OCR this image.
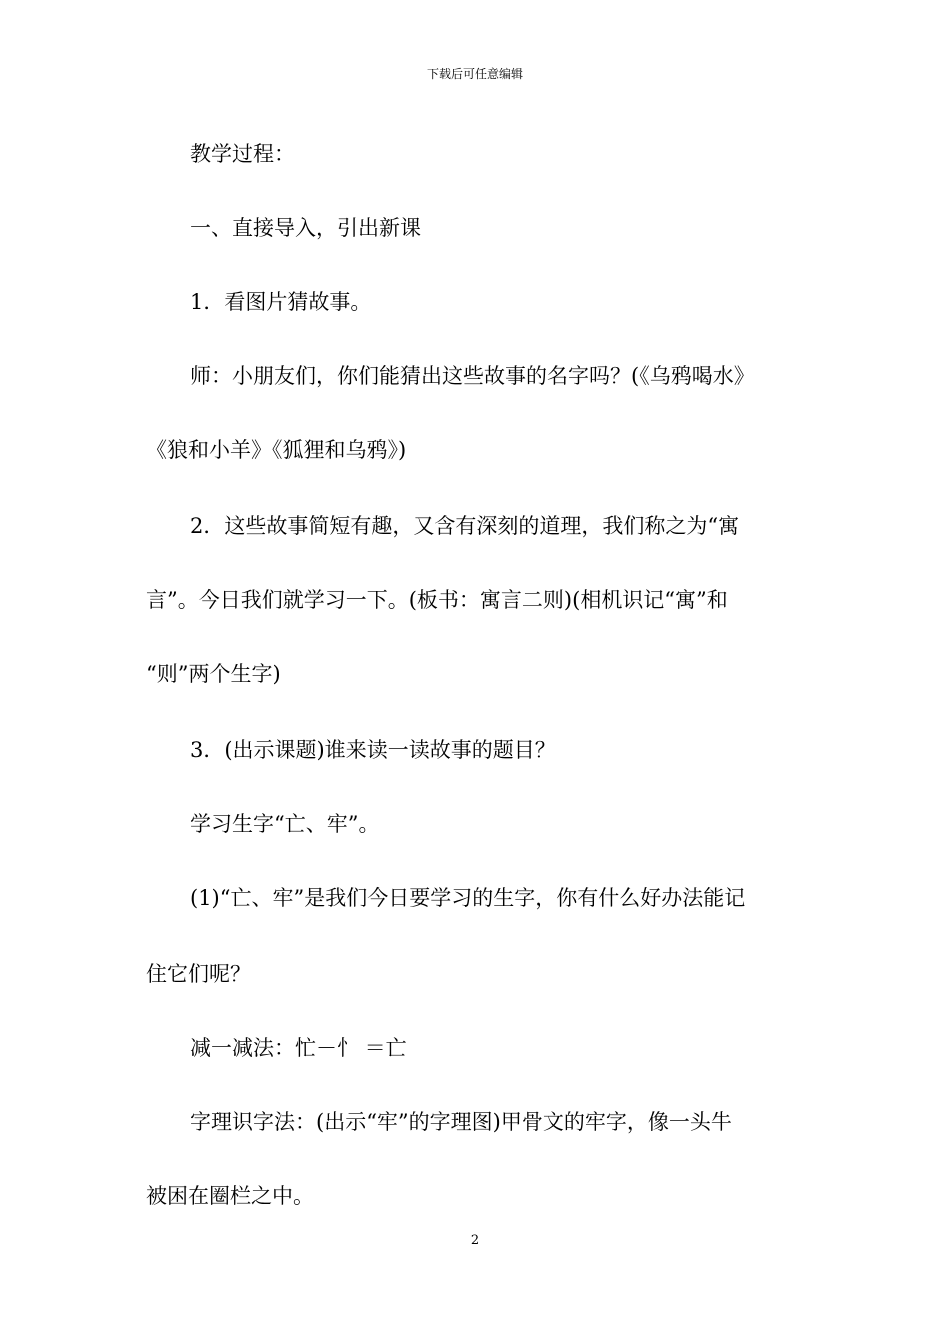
下载后可任意编辑
教学过程：
一、直接导入，引出新课
1．看图片猜故事。
师：小朋友们，你们能猜出这些故事的名字吗？(《乌鸦喝水》
《狼和小羊》《狐狸和乌鸦》)
2．这些故事简短有趣，又含有深刻的道理，我们称之为“寓
言”。今日我们就学习一下。(板书：寓言二则)(相机识记“寓”和
“则”两个生字)
3．(出示课题)谁来读一读故事的题目？
学习生字“亡、牢”。
(1)“亡、牢”是我们今日要学习的生字，你有什么好办法能记
住它们呢？
减一减法：忙－忄 ＝亡
字理识字法：(出示“牢”的字理图)甲骨文的牢字，像一头牛
被困在圈栏之中。
2
